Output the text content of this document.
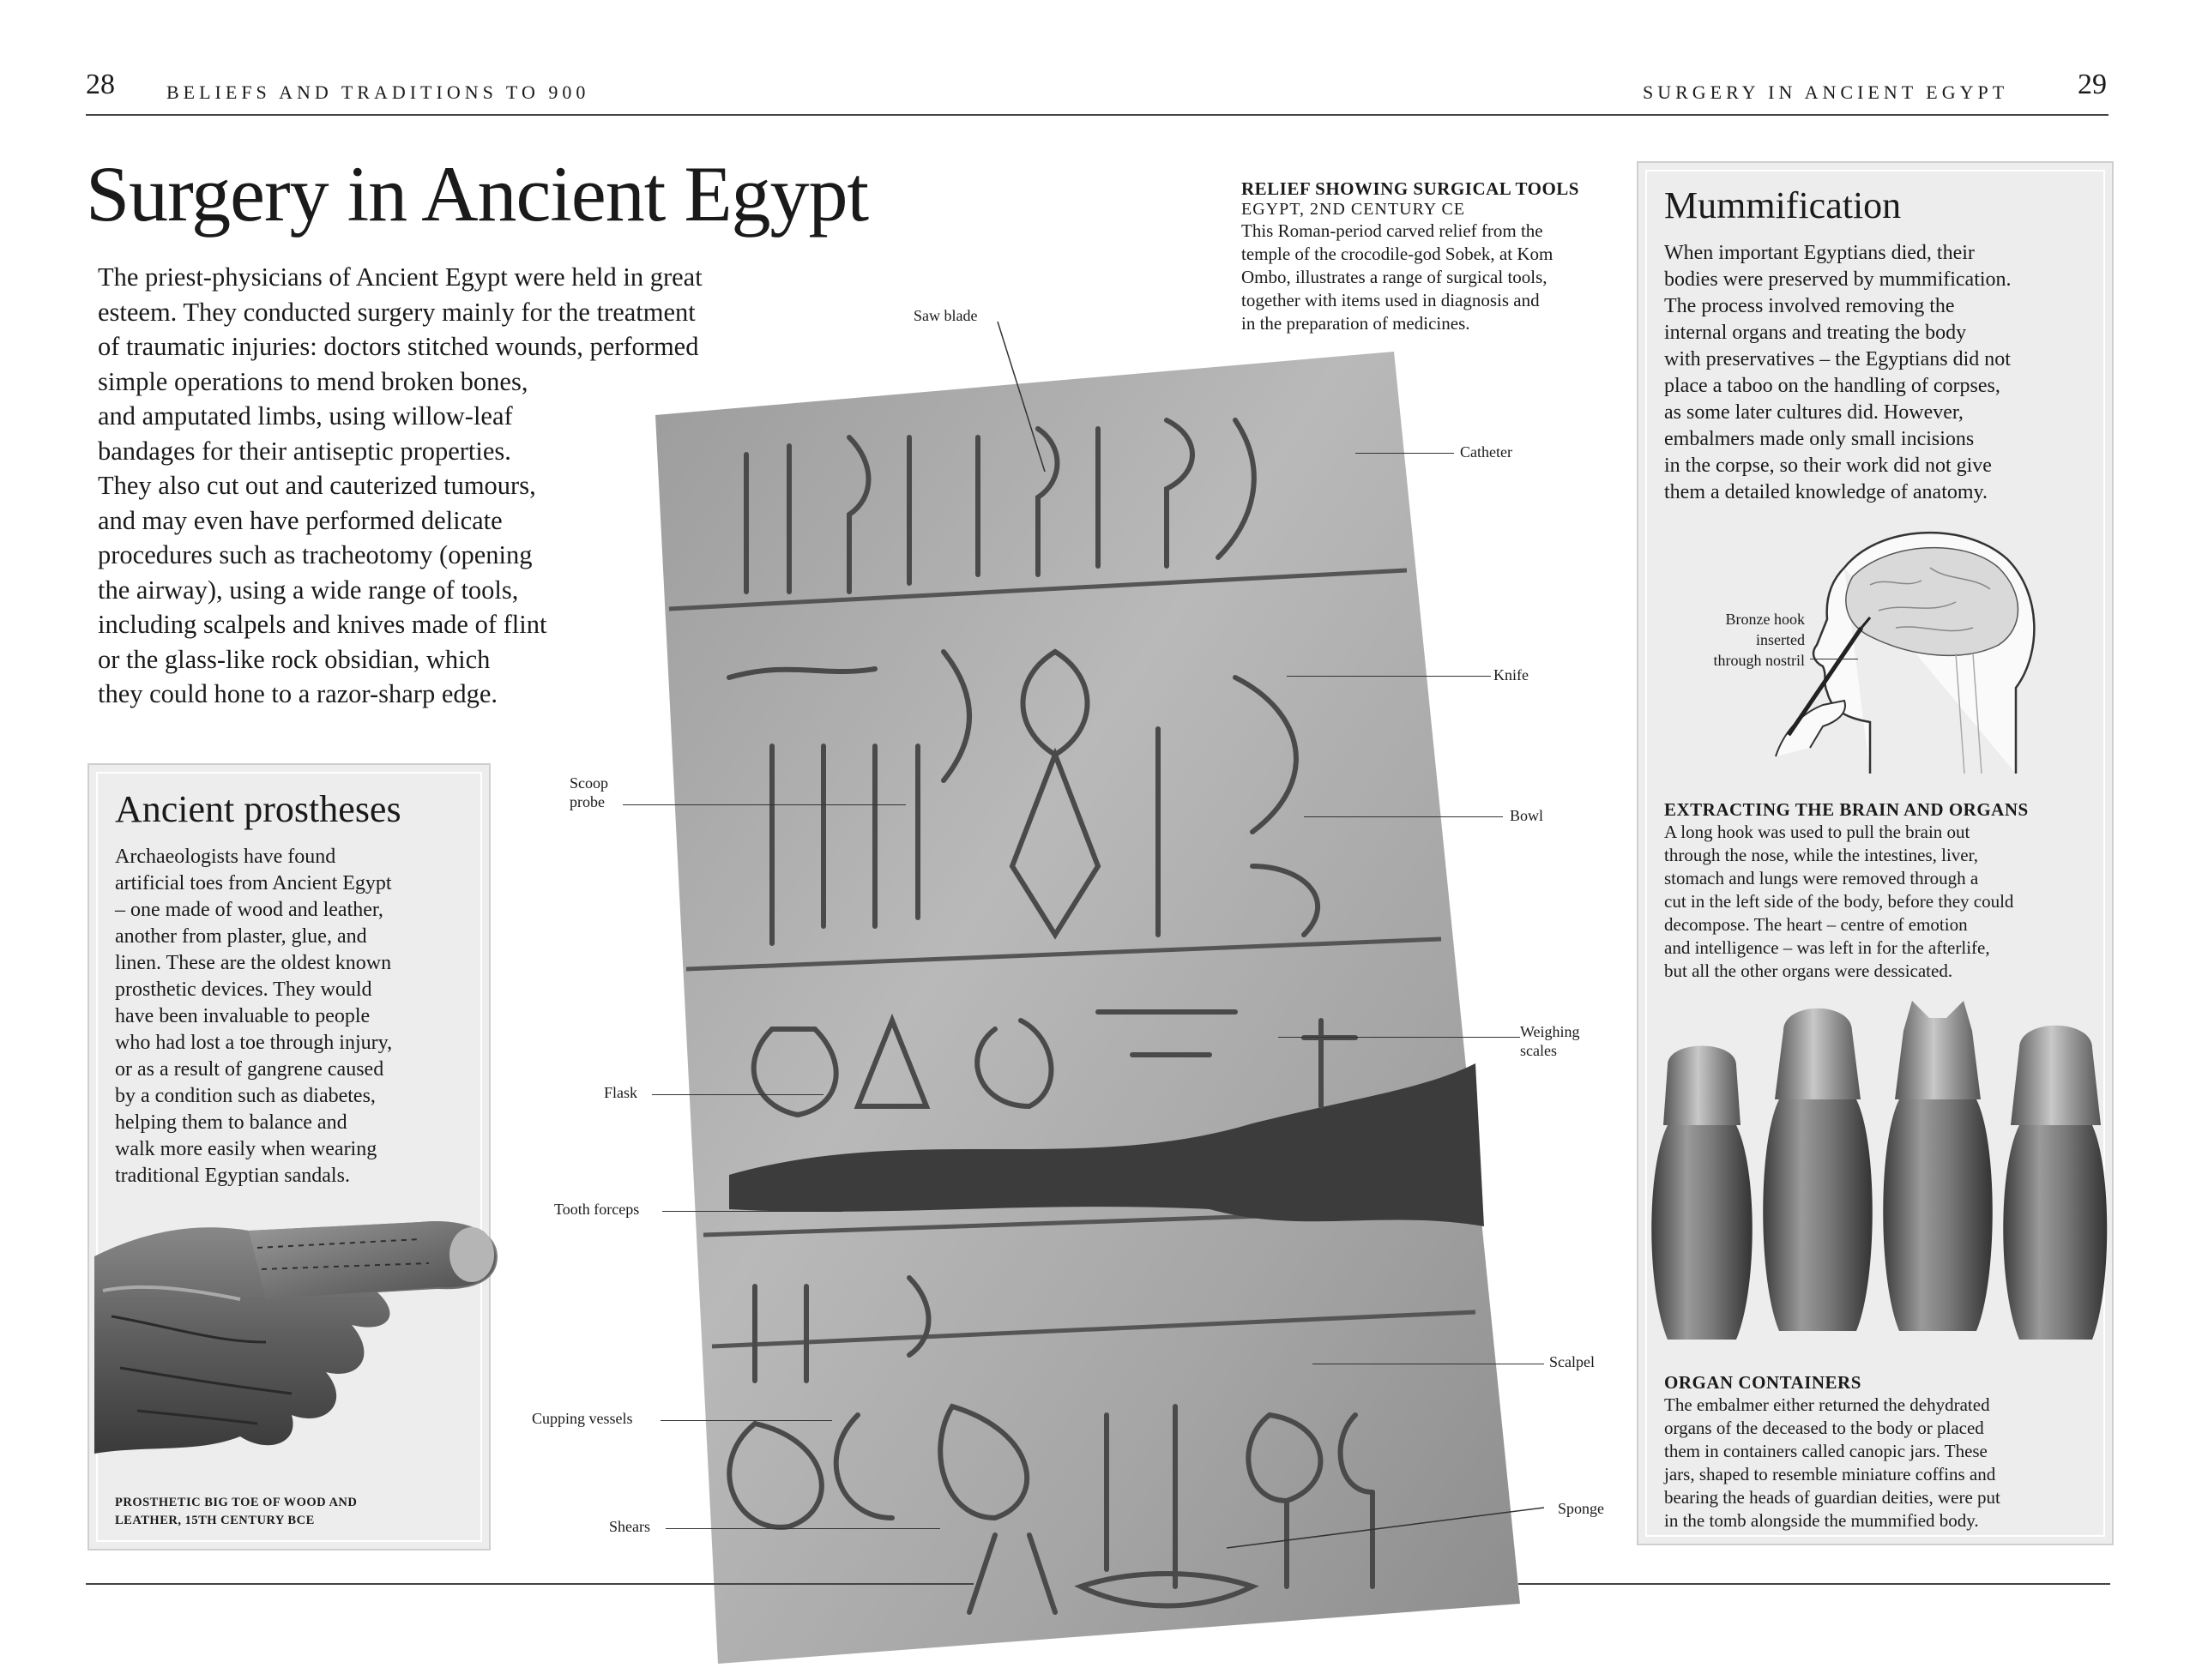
28	BELIEFS AND TRADITIONS TO 900	SURGERY IN ANCIENT EGYPT 29
Surgery in Ancient Egypt

The priest-physicians of Ancient Egypt were held in great

esteem. They conducted surgery mainly for the treatment

of traumatic injuries: doctors stitched wounds, performed

simple operations to mend broken bones,

and amputated limbs, using willow-leaf

bandages for their antiseptic properties.

They also cut out and cauterized tumours,

and may even have performed delicate

procedures such as tracheotomy (opening

the airway), using a wide range of tools,

including scalpels and knives made of flint

or the glass-like rock obsidian, which

they could hone to a razor-sharp edge.

Ancient prostheses

Archaeologists have found

artificial toes from Ancient Egypt

– one made of wood and leather,

another from plaster, glue, and

linen. These are the oldest known

prosthetic devices. They would

have been invaluable to people

who had lost a toe through injury,

or as a result of gangrene caused

by a condition such as diabetes,

helping them to balance and

walk more easily when wearing

traditional Egyptian sandals.

PROSTHETIC BIG TOE OF WOOD AND
LEATHER, 15TH CENTURY BCE
RELIEF SHOWING SURGICAL TOOLS
EGYPT, 2ND CENTURY CE

This Roman-period carved relief from the

temple of the crocodile-god Sobek, at Kom

Ombo, illustrates a range of surgical tools,

together with items used in diagnosis and

in the preparation of medicines.

Saw blade
Catheter
Knife
Scoop
probe
Bowl
Weighing
scales
Flask
Tooth forceps
Scalpel
Cupping vessels
Sponge
Shears
Mummification

When important Egyptians died, their

bodies were preserved by mummification.

The process involved removing the

internal organs and treating the body

with preservatives – the Egyptians did not

place a taboo on the handling of corpses,

as some later cultures did. However,

embalmers made only small incisions

in the corpse, so their work did not give

them a detailed knowledge of anatomy.

Bronze hook
inserted
through nostril
EXTRACTING THE BRAIN AND ORGANS

A long hook was used to pull the brain out

through the nose, while the intestines, liver,

stomach and lungs were removed through a

cut in the left side of the body, before they could

decompose. The heart – centre of emotion

and intelligence – was left in for the afterlife,

but all the other organs were dessicated.

ORGAN CONTAINERS

The embalmer either returned the dehydrated

organs of the deceased to the body or placed

them in containers called canopic jars. These

jars, shaped to resemble miniature coffins and

bearing the heads of guardian deities, were put

in the tomb alongside the mummified body.
